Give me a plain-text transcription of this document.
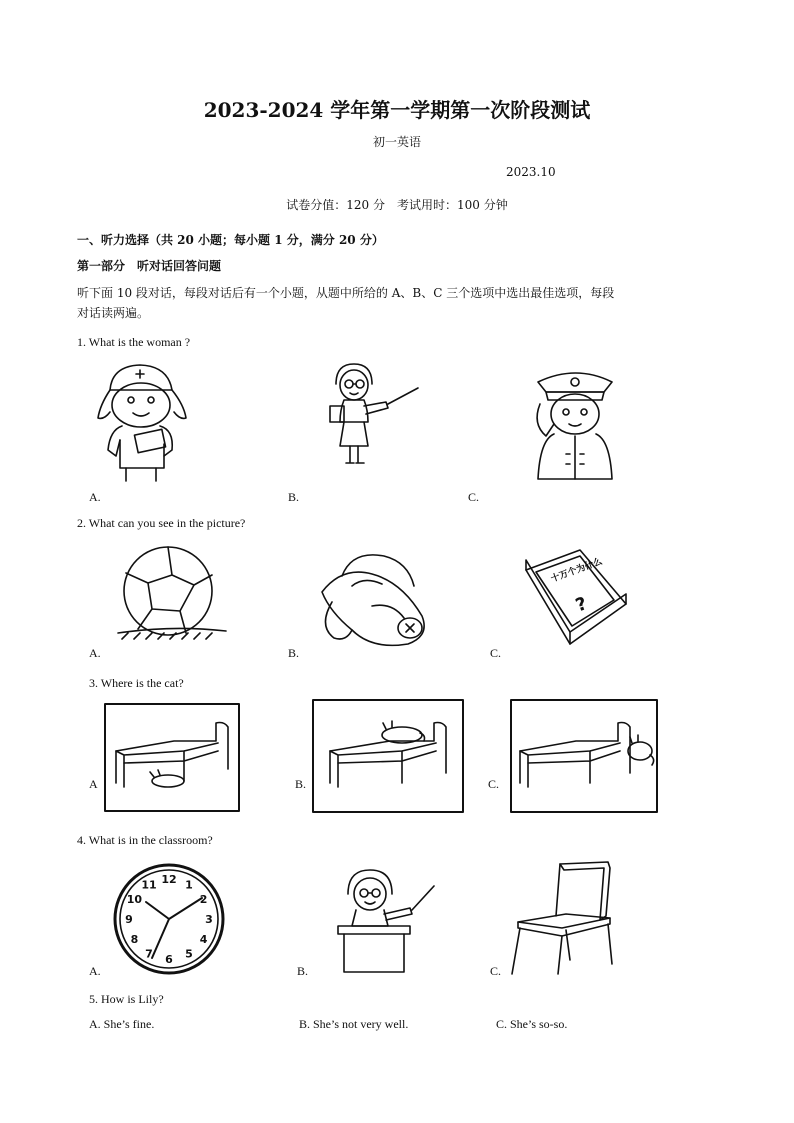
2023-2024 学年第一学期第一次阶段测试
初一英语
2023.10
试卷分值：120 分　考试用时：100 分钟
一、听力选择（共 20 小题；每小题 1 分，满分 20 分）
第一部分　听对话回答问题
听下面 10 段对话，每段对话后有一个小题，从题中所给的 A、B、C 三个选项中选出最佳选项，每段
对话读两遍。
1. What is the woman ?
A.	B.	C.
2. What can you see in the picture?
十万个为什么
?
A.	B.	C.
3. Where is the cat?
A	B.	C.
4. What is in the classroom?
12 1
2
3
4
5
6
7
8
9
10
11
A.	B.	C.
5. How is Lily?
A. She’s fine.	B. She’s not very well.	C. She’s so-so.
